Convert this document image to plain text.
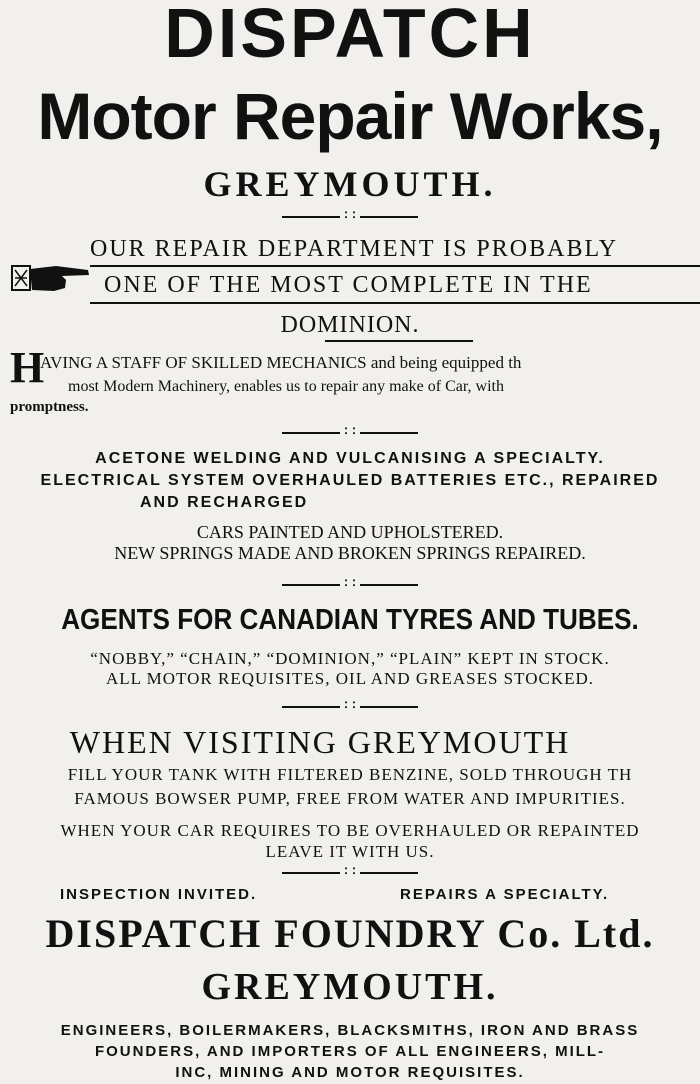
DISPATCH
Motor Repair Works,
GREYMOUTH.
: :
OUR REPAIR DEPARTMENT IS PROBABLY
ONE OF THE MOST COMPLETE IN THE
DOMINION.
H
AVING A STAFF OF SKILLED MECHANICS and being equipped th
most Modern Machinery, enables us to repair any make of Car, with
promptness.
: :
ACETONE WELDING AND VULCANISING A SPECIALTY.
ELECTRICAL SYSTEM OVERHAULED BATTERIES ETC., REPAIRED
AND RECHARGED
CARS PAINTED AND UPHOLSTERED.
NEW SPRINGS MADE AND BROKEN SPRINGS REPAIRED.
: :
AGENTS FOR CANADIAN TYRES AND TUBES.
“NOBBY,” “CHAIN,” “DOMINION,” “PLAIN” KEPT IN STOCK.
ALL MOTOR REQUISITES, OIL AND GREASES STOCKED.
: :
WHEN VISITING GREYMOUTH
FILL YOUR TANK WITH FILTERED BENZINE, SOLD THROUGH TH
FAMOUS BOWSER PUMP, FREE FROM WATER AND IMPURITIES.
WHEN YOUR CAR REQUIRES TO BE OVERHAULED OR REPAINTED
LEAVE IT WITH US.
: :
INSPECTION INVITED.	REPAIRS A SPECIALTY.
DISPATCH FOUNDRY Co. Ltd.
GREYMOUTH.
ENGINEERS, BOILERMAKERS, BLACKSMITHS, IRON AND BRASS
FOUNDERS, AND IMPORTERS OF ALL ENGINEERS, MILL-
INC, MINING AND MOTOR REQUISITES.
